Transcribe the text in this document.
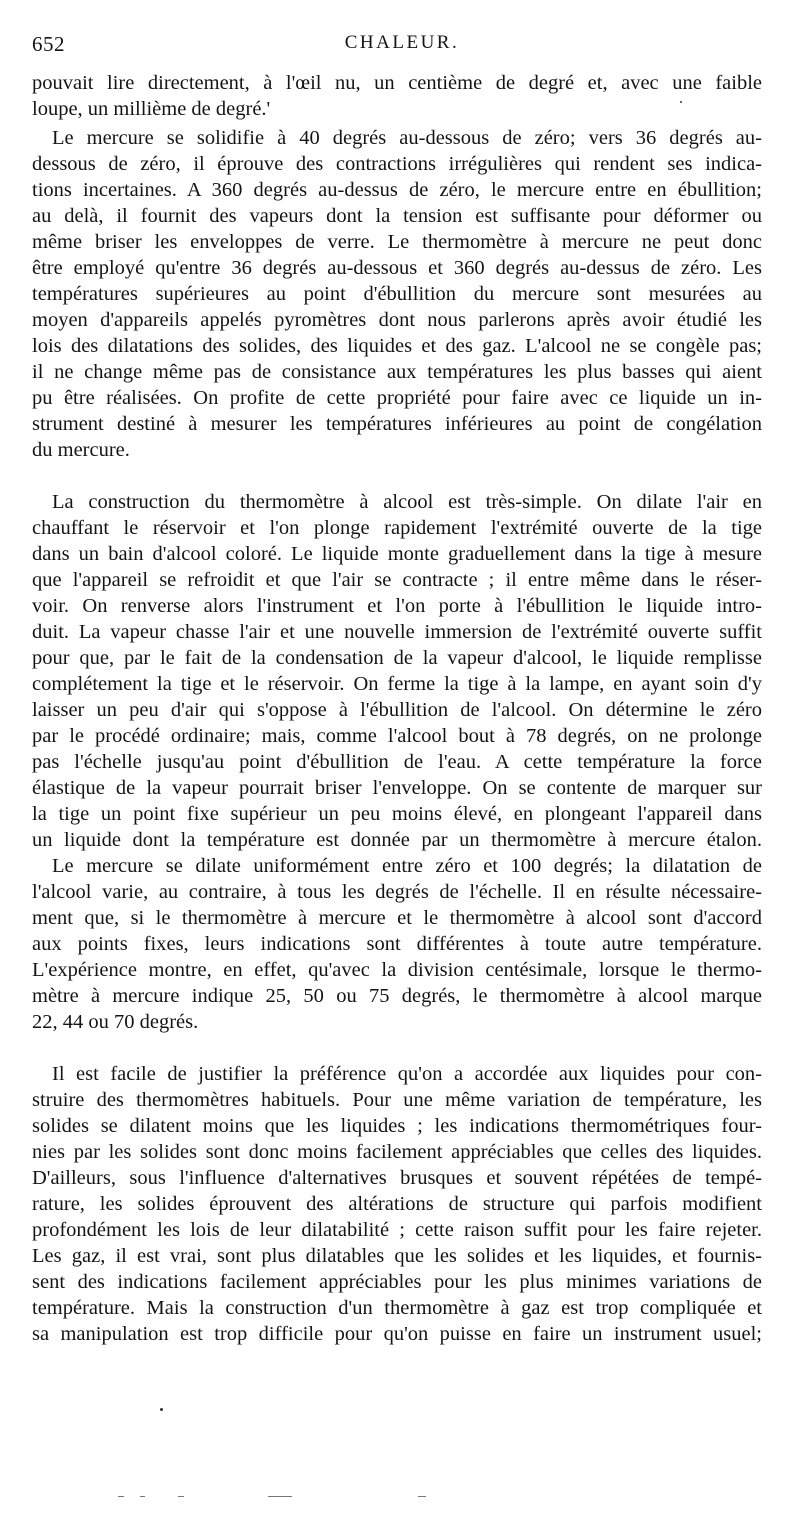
652	CHALEUR.
pouvait lire directement, à l'œil nu, un centième de degré et, avec une faible
loupe, un millième de degré.'
Le mercure se solidifie à 40 degrés au-dessous de zéro; vers 36 degrés au-
dessous de zéro, il éprouve des contractions irrégulières qui rendent ses indica-
tions incertaines. A 360 degrés au-dessus de zéro, le mercure entre en ébullition;
au delà, il fournit des vapeurs dont la tension est suffisante pour déformer ou
même briser les enveloppes de verre. Le thermomètre à mercure ne peut donc
être employé qu'entre 36 degrés au-dessous et 360 degrés au-dessus de zéro. Les
températures supérieures au point d'ébullition du mercure sont mesurées au
moyen d'appareils appelés pyromètres dont nous parlerons après avoir étudié les
lois des dilatations des solides, des liquides et des gaz. L'alcool ne se congèle pas;
il ne change même pas de consistance aux températures les plus basses qui aient
pu être réalisées. On profite de cette propriété pour faire avec ce liquide un in-
strument destiné à mesurer les températures inférieures au point de congélation
du mercure.
La construction du thermomètre à alcool est très-simple. On dilate l'air en
chauffant le réservoir et l'on plonge rapidement l'extrémité ouverte de la tige
dans un bain d'alcool coloré. Le liquide monte graduellement dans la tige à mesure
que l'appareil se refroidit et que l'air se contracte ; il entre même dans le réser-
voir. On renverse alors l'instrument et l'on porte à l'ébullition le liquide intro-
duit. La vapeur chasse l'air et une nouvelle immersion de l'extrémité ouverte suffit
pour que, par le fait de la condensation de la vapeur d'alcool, le liquide remplisse
complétement la tige et le réservoir. On ferme la tige à la lampe, en ayant soin d'y
laisser un peu d'air qui s'oppose à l'ébullition de l'alcool. On détermine le zéro
par le procédé ordinaire; mais, comme l'alcool bout à 78 degrés, on ne prolonge
pas l'échelle jusqu'au point d'ébullition de l'eau. A cette température la force
élastique de la vapeur pourrait briser l'enveloppe. On se contente de marquer sur
la tige un point fixe supérieur un peu moins élevé, en plongeant l'appareil dans
un liquide dont la température est donnée par un thermomètre à mercure étalon.
Le mercure se dilate uniformément entre zéro et 100 degrés; la dilatation de
l'alcool varie, au contraire, à tous les degrés de l'échelle. Il en résulte nécessaire-
ment que, si le thermomètre à mercure et le thermomètre à alcool sont d'accord
aux points fixes, leurs indications sont différentes à toute autre température.
L'expérience montre, en effet, qu'avec la division centésimale, lorsque le thermo-
mètre à mercure indique 25, 50 ou 75 degrés, le thermomètre à alcool marque
22, 44 ou 70 degrés.
Il est facile de justifier la préférence qu'on a accordée aux liquides pour con-
struire des thermomètres habituels. Pour une même variation de température, les
solides se dilatent moins que les liquides ; les indications thermométriques four-
nies par les solides sont donc moins facilement appréciables que celles des liquides.
D'ailleurs, sous l'influence d'alternatives brusques et souvent répétées de tempé-
rature, les solides éprouvent des altérations de structure qui parfois modifient
profondément les lois de leur dilatabilité ; cette raison suffit pour les faire rejeter.
Les gaz, il est vrai, sont plus dilatables que les solides et les liquides, et fournis-
sent des indications facilement appréciables pour les plus minimes variations de
température. Mais la construction d'un thermomètre à gaz est trop compliquée et
sa manipulation est trop difficile pour qu'on puisse en faire un instrument usuel;
